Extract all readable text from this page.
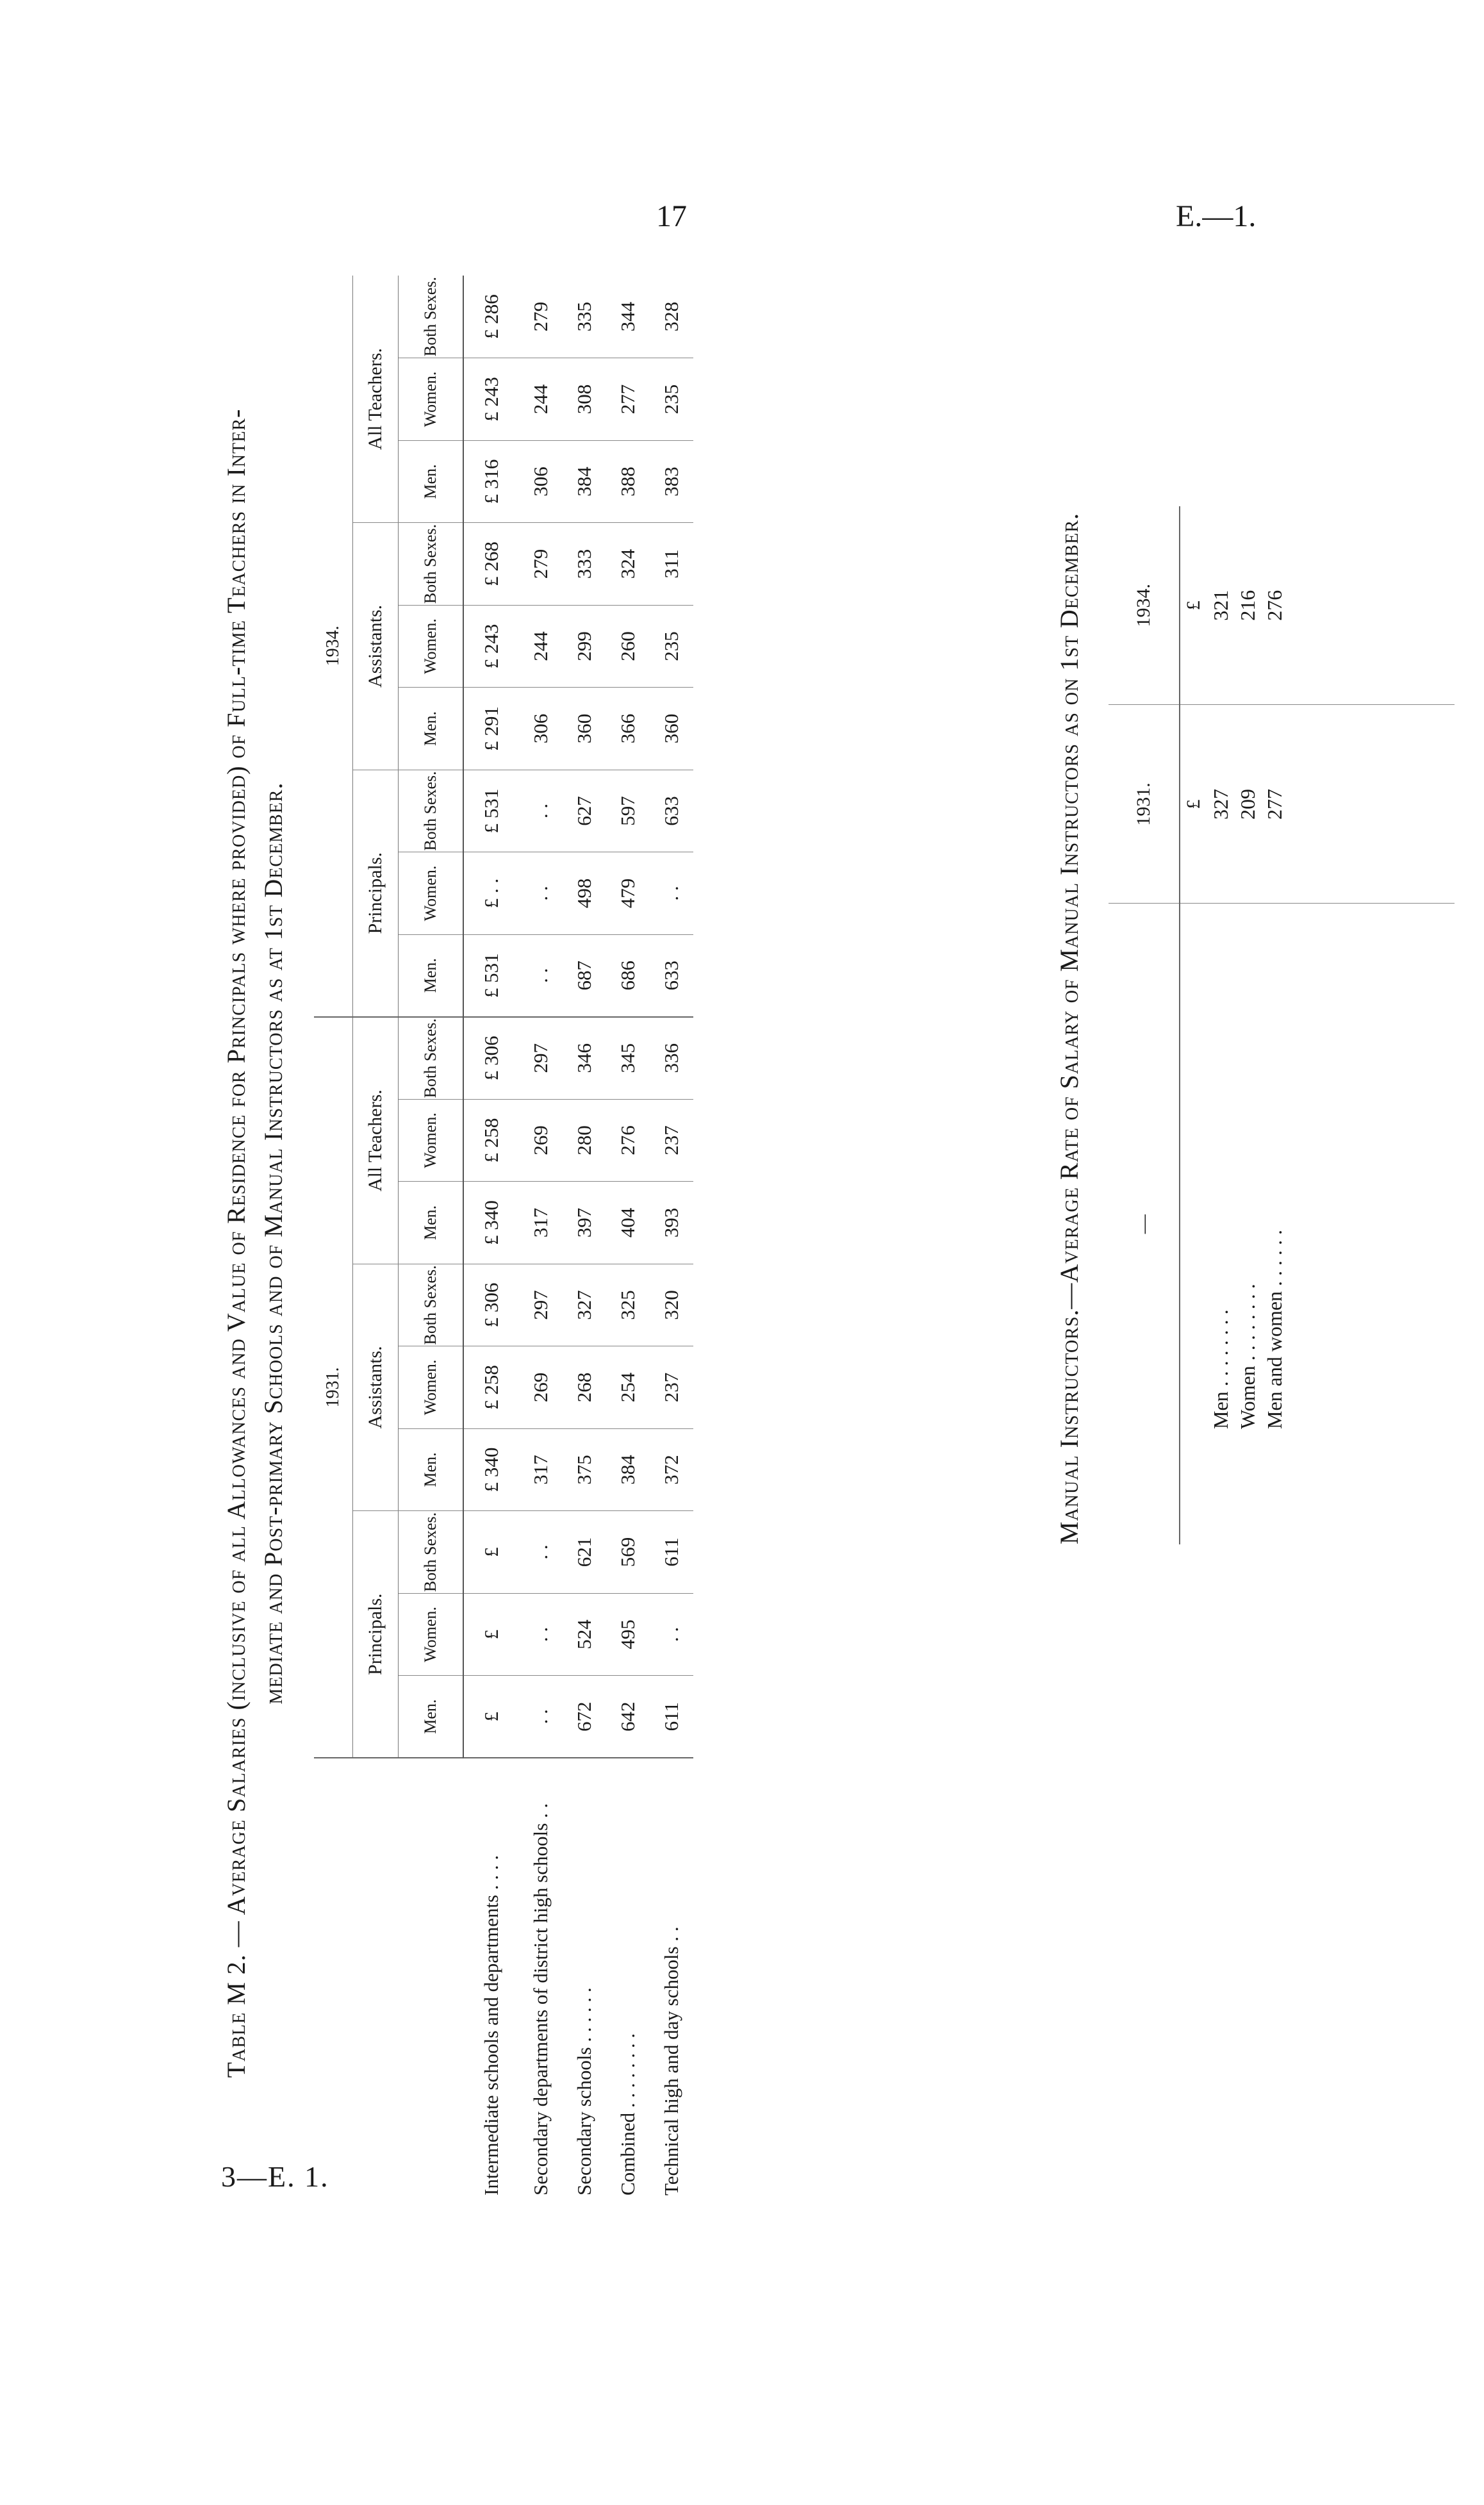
17	E.—1.
3—E. 1.
Table M 2. — Average Salaries (inclusive of all Allowances and Value of Residence for Principals where provided) of Full-time Teachers in Inter- mediate and Post-primary Schools and of Manual Instructors as at 1st December.
	1931.									1934.								
	Principals.			Assistants.			All Teachers.			Principals.			Assistants.			All Teachers.		
	Men.	Women.	Both Sexes.	Men.	Women.	Both Sexes.	Men.	Women.	Both Sexes.	Men.	Women.	Both Sexes.	Men.	Women.	Both Sexes.	Men.	Women.	Both Sexes.
Intermediate schools and departments . . . .	£	£	£	£ 340	£ 258	£ 306	£ 340	£ 258	£ 306	£ 531	£ . .	£ 531	£ 291	£ 243	£ 268	£ 316	£ 243	£ 286
Secondary departments of district high schools . .	. .	. .	. .	317	269	297	317	269	297	. .	. .	. .	306	244	279	306	244	279
Secondary schools . . . . . .	672	524	621	375	268	327	397	280	346	687	498	627	360	299	333	384	308	335
Combined . . . . . . . .	642	495	569	384	254	325	404	276	345	686	479	597	366	260	324	388	277	344
Technical high and day schools . .	611	. .	611	372	237	320	393	237	336	633	. .	633	360	235	311	383	235	328
Manual Instructors.—Average Rate of Salary of Manual Instructors as on 1st December.	—	1931.	1934.

	£	£

Men . . . . . . . .	327	321
Women . . . . . . . .	209	216
Men and women . . . . . .	277	276
